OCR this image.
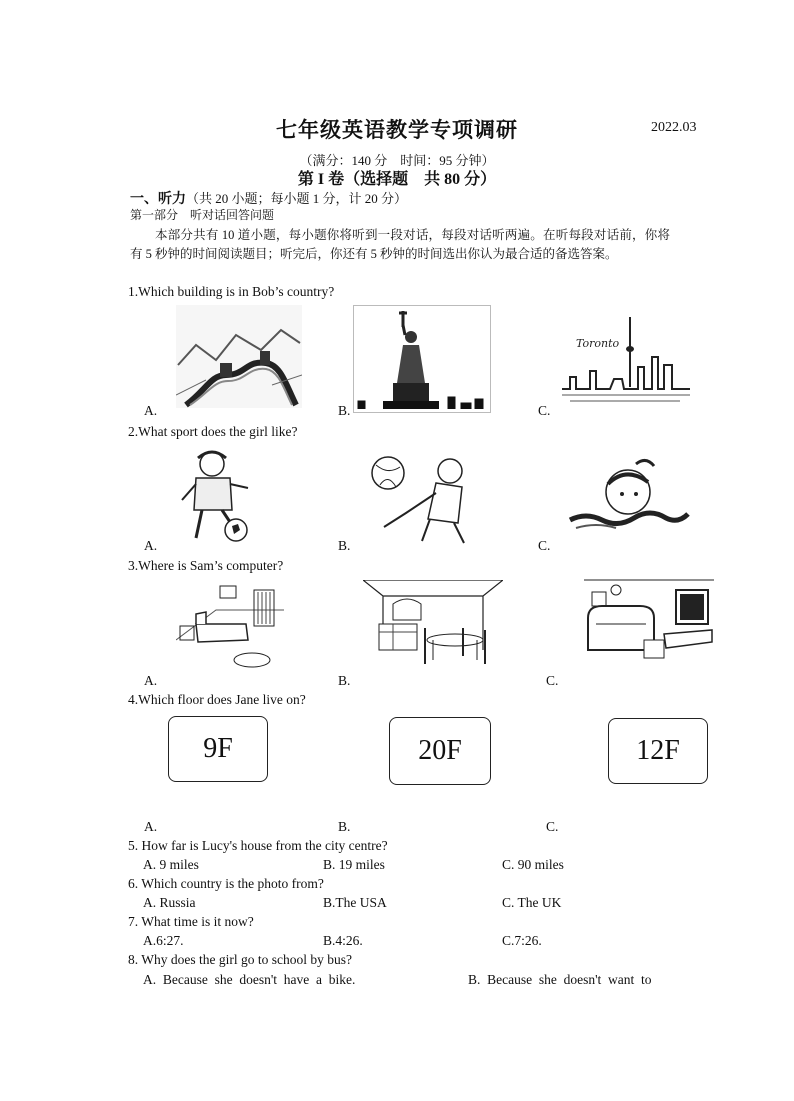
七年级英语教学专项调研	2022.03
（满分：140 分　时间：95 分钟）
第 I 卷（选择题　共 80 分）
一、听力（共 20 小题；每小题 1 分，计 20 分）
第一部分　听对话回答问题
本部分共有 10 道小题，每小题你将听到一段对话，每段对话听两遍。在听每段对话前，你将有 5 秒钟的时间阅读题目；听完后，你还有 5 秒钟的时间选出你认为最合适的备选答案。
1.Which building is in Bob’s country?
Toronto
A.	B.	C.
2.What sport does the girl like?
A.	B.	C.
3.Where is Sam’s computer?
A.	B.	C.
4.Which floor does Jane live on?
9F	20F	12F
A.	B.	C.
5. How far is Lucy's house from the city centre?
A. 9 miles	B. 19 miles	C. 90 miles
6. Which country is the photo from?
A. Russia	B.The USA	C. The UK
7. What time is it now?
A.6:27.	B.4:26.	C.7:26.
8. Why does the girl go to school by bus?
A.  Because  she  doesn't  have  a  bike.	B.  Because  she  doesn't  want  to
